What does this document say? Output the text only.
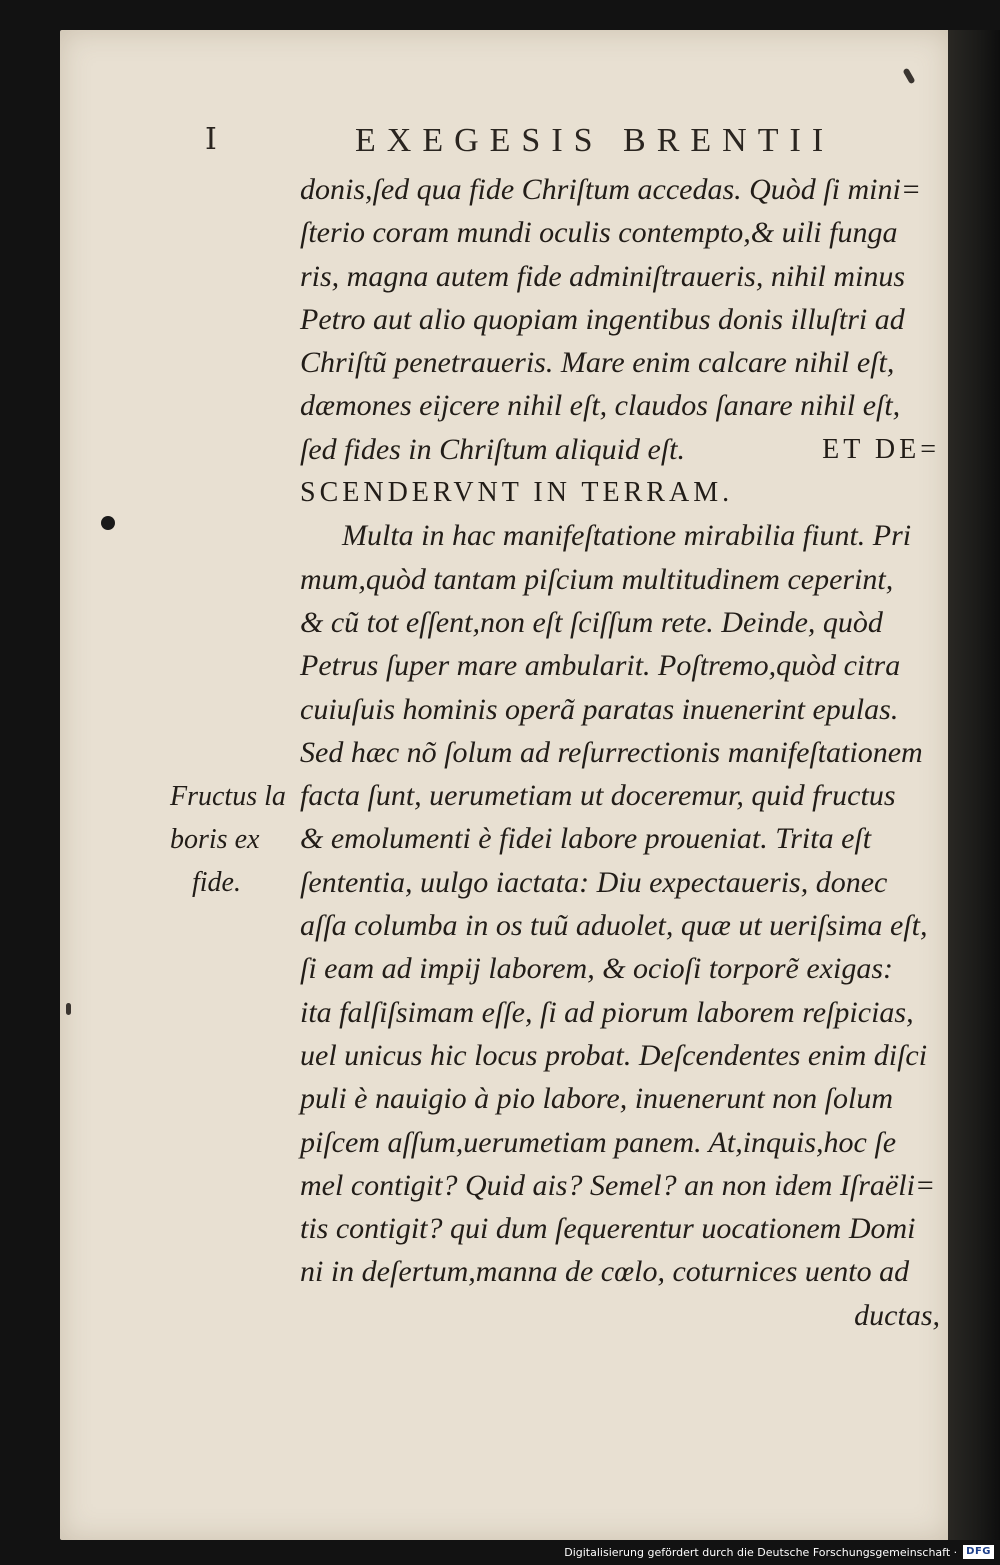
I	EXEGESIS BRENTII
donis,ſed qua fide Chriſtum accedas. Quòd ſi mini=
ſterio coram mundi oculis contempto,& uili funga
ris, magna autem fide adminiſtraueris, nihil minus
Petro aut alio quopiam ingentibus donis illuſtri ad
Chriſtũ penetraueris. Mare enim calcare nihil eſt,
dæmones eijcere nihil eſt, claudos ſanare nihil eſt,
ſed fides in Chriſtum aliquid eſt.	ET DE=
SCENDERVNT IN TERRAM.
Multa in hac manifeſtatione mirabilia fiunt. Pri
mum,quòd tantam piſcium multitudinem ceperint,
& cũ tot eſſent,non eſt ſciſſum rete. Deinde, quòd
Petrus ſuper mare ambularit. Poſtremo,quòd citra
cuiuſuis hominis operã paratas inuenerint epulas.
Sed hæc nõ ſolum ad reſurrectionis manifeſtationem
facta ſunt, uerumetiam ut doceremur, quid fructus
& emolumenti è fidei labore proueniat. Trita eſt
ſententia, uulgo iactata: Diu expectaueris, donec
aſſa columba in os tuũ aduolet, quæ ut ueriſsima eſt,
ſi eam ad impij laborem, & ocioſi torporẽ exigas:
ita falſiſsimam eſſe, ſi ad piorum laborem reſpicias,
uel unicus hic locus probat. Deſcendentes enim diſci
puli è nauigio à pio labore, inuenerunt non ſolum
piſcem aſſum,uerumetiam panem. At,inquis,hoc ſe
mel contigit? Quid ais? Semel? an non idem Iſraëli=
tis contigit? qui dum ſequerentur uocationem Domi
ni in deſertum,manna de cœlo, coturnices uento ad
ductas,
Fructus la
boris ex
fide.
Digitalisierung gefördert durch die Deutsche Forschungsgemeinschaft · DFG
